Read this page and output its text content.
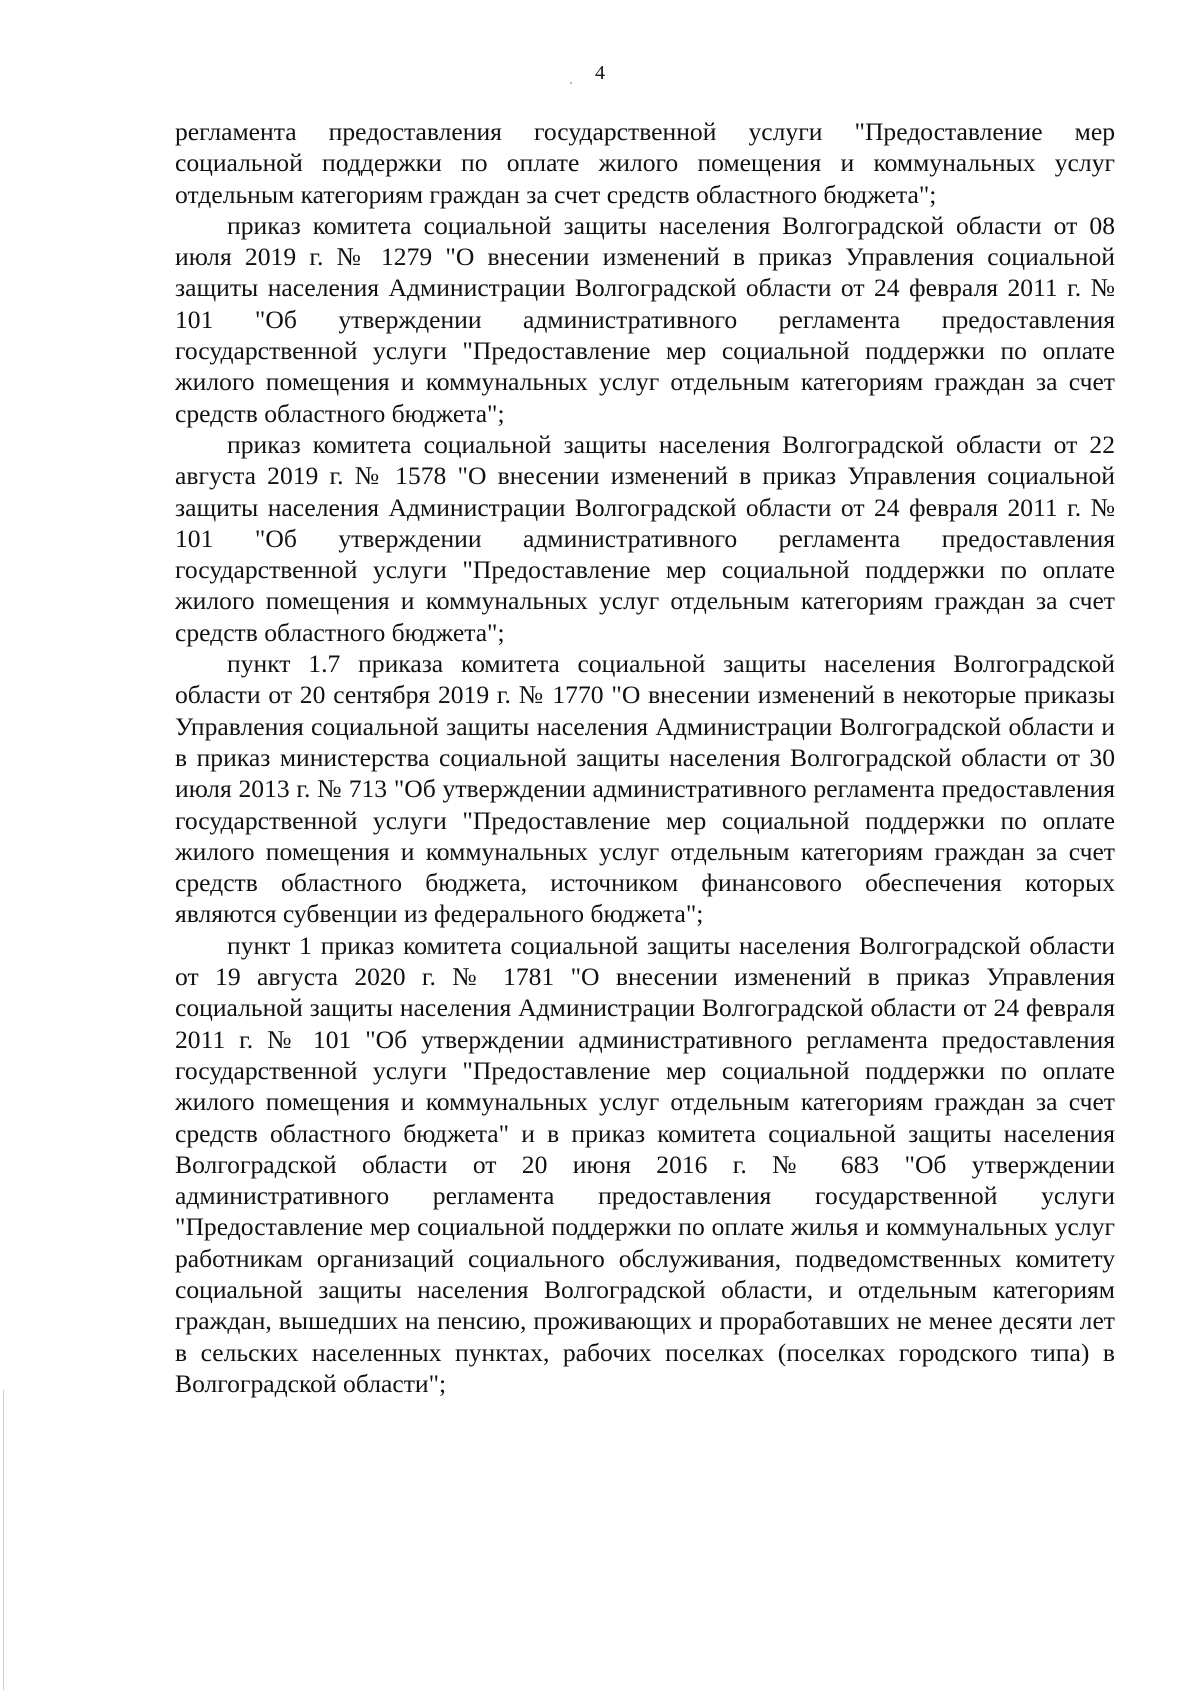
4

регламента предоставления государственной услуги "Предоставление мер социальной поддержки по оплате жилого помещения и коммунальных услуг отдельным категориям граждан за счет средств областного бюджета";

приказ комитета социальной защиты населения Волгоградской области от 08 июля 2019 г. № 1279 "О внесении изменений в приказ Управления социальной защиты населения Администрации Волгоградской области от 24 февраля 2011 г. № 101 "Об утверждении административного регламента предоставления государственной услуги "Предоставление мер социальной поддержки по оплате жилого помещения и коммунальных услуг отдельным категориям граждан за счет средств областного бюджета";

приказ комитета социальной защиты населения Волгоградской области от 22 августа 2019 г. № 1578 "О внесении изменений в приказ Управления социальной защиты населения Администрации Волгоградской области от 24 февраля 2011 г. № 101 "Об утверждении административного регламента предоставления государственной услуги "Предоставление мер социальной поддержки по оплате жилого помещения и коммунальных услуг отдельным категориям граждан за счет средств областного бюджета";

пункт 1.7 приказа комитета социальной защиты населения Волгоградской области от 20 сентября 2019 г. № 1770 "О внесении изменений в некоторые приказы Управления социальной защиты населения Администрации Волгоградской области и в приказ министерства социальной защиты населения Волгоградской области от 30 июля 2013 г. № 713 "Об утверждении административного регламента предоставления государственной услуги "Предоставление мер социальной поддержки по оплате жилого помещения и коммунальных услуг отдельным категориям граждан за счет средств областного бюджета, источником финансового обеспечения которых являются субвенции из федерального бюджета";

пункт 1 приказ комитета социальной защиты населения Волгоградской области от 19 августа 2020 г. № 1781 "О внесении изменений в приказ Управления социальной защиты населения Администрации Волгоградской области от 24 февраля 2011 г. № 101 "Об утверждении административного регламента предоставления государственной услуги "Предоставление мер социальной поддержки по оплате жилого помещения и коммунальных услуг отдельным категориям граждан за счет средств областного бюджета" и в приказ комитета социальной защиты населения Волгоградской области от 20 июня 2016 г. № 683 "Об утверждении административного регламента предоставления государственной услуги "Предоставление мер социальной поддержки по оплате жилья и коммунальных услуг работникам организаций социального обслуживания, подведомственных комитету социальной защиты населения Волгоградской области, и отдельным категориям граждан, вышедших на пенсию, проживающих и проработавших не менее десяти лет в сельских населенных пунктах, рабочих поселках (поселках городского типа) в Волгоградской области";
